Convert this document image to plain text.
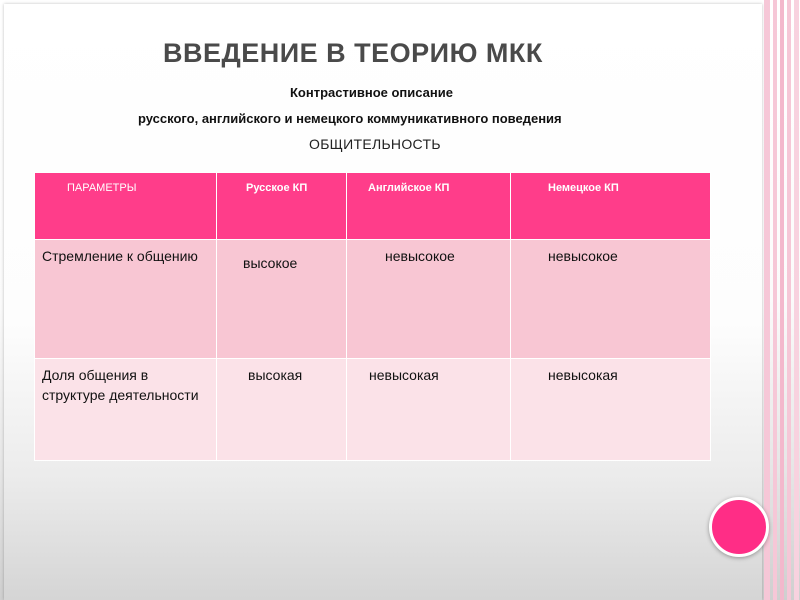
ВВЕДЕНИЕ В ТЕОРИЮ МКК
Контрастивное описание
русского, английского и немецкого коммуникативного поведения
ОБЩИТЕЛЬНОСТЬ
ПАРАМЕТРЫ	Русское КП	Английское КП	Немецкое КП

Стремление к общению	высокое	невысокое	невысокое

Доля общения в структуре деятельности	высокая	невысокая	невысокая
